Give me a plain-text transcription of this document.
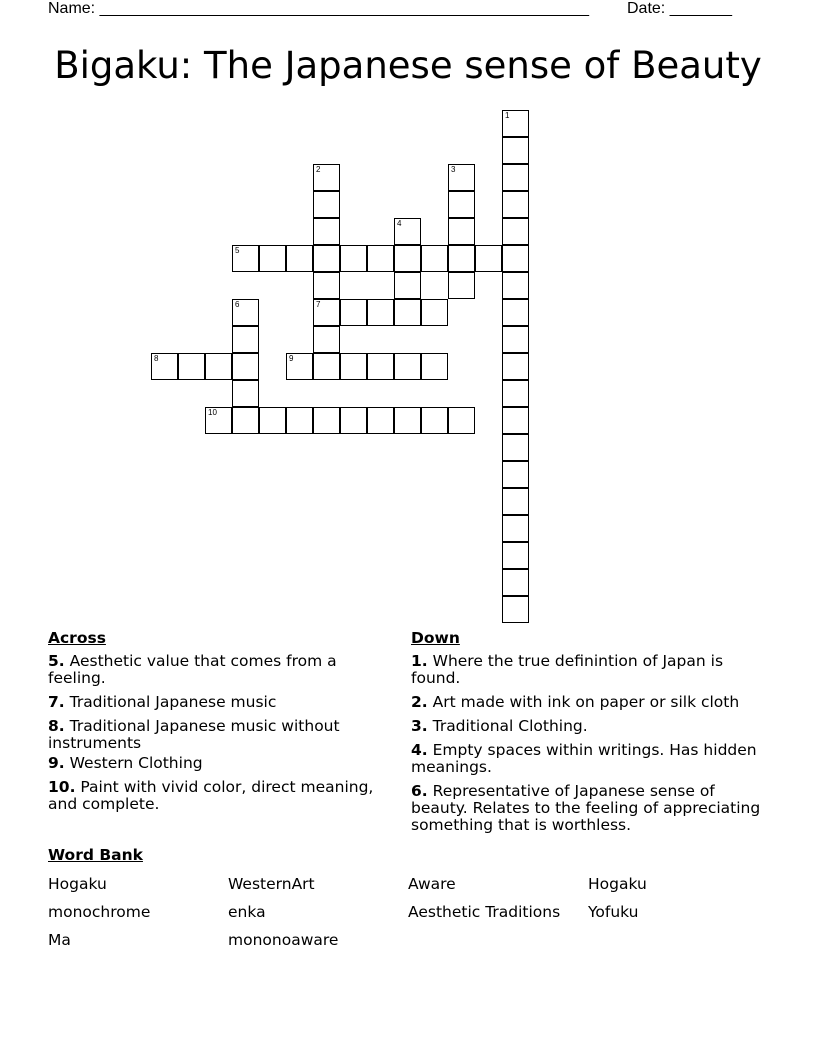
Name: _______________________________________________________ Date: _______
Bigaku: The Japanese sense of Beauty
1
2	3
4
5
6	7
8	9
10
Across
5. Aesthetic value that comes from a feeling.
7. Traditional Japanese music
8. Traditional Japanese music without instruments
9. Western Clothing
10. Paint with vivid color, direct meaning, and complete.
Down
1. Where the true definintion of Japan is found.
2. Art made with ink on paper or silk cloth
3. Traditional Clothing.
4. Empty spaces within writings. Has hidden meanings.
6. Representative of Japanese sense of beauty. Relates to the feeling of appreciating something that is worthless.
Word Bank
Hogaku	WesternArt	Aware	Hogaku
monochrome	enka	Aesthetic Traditions	Yofuku
Ma	mononoaware
